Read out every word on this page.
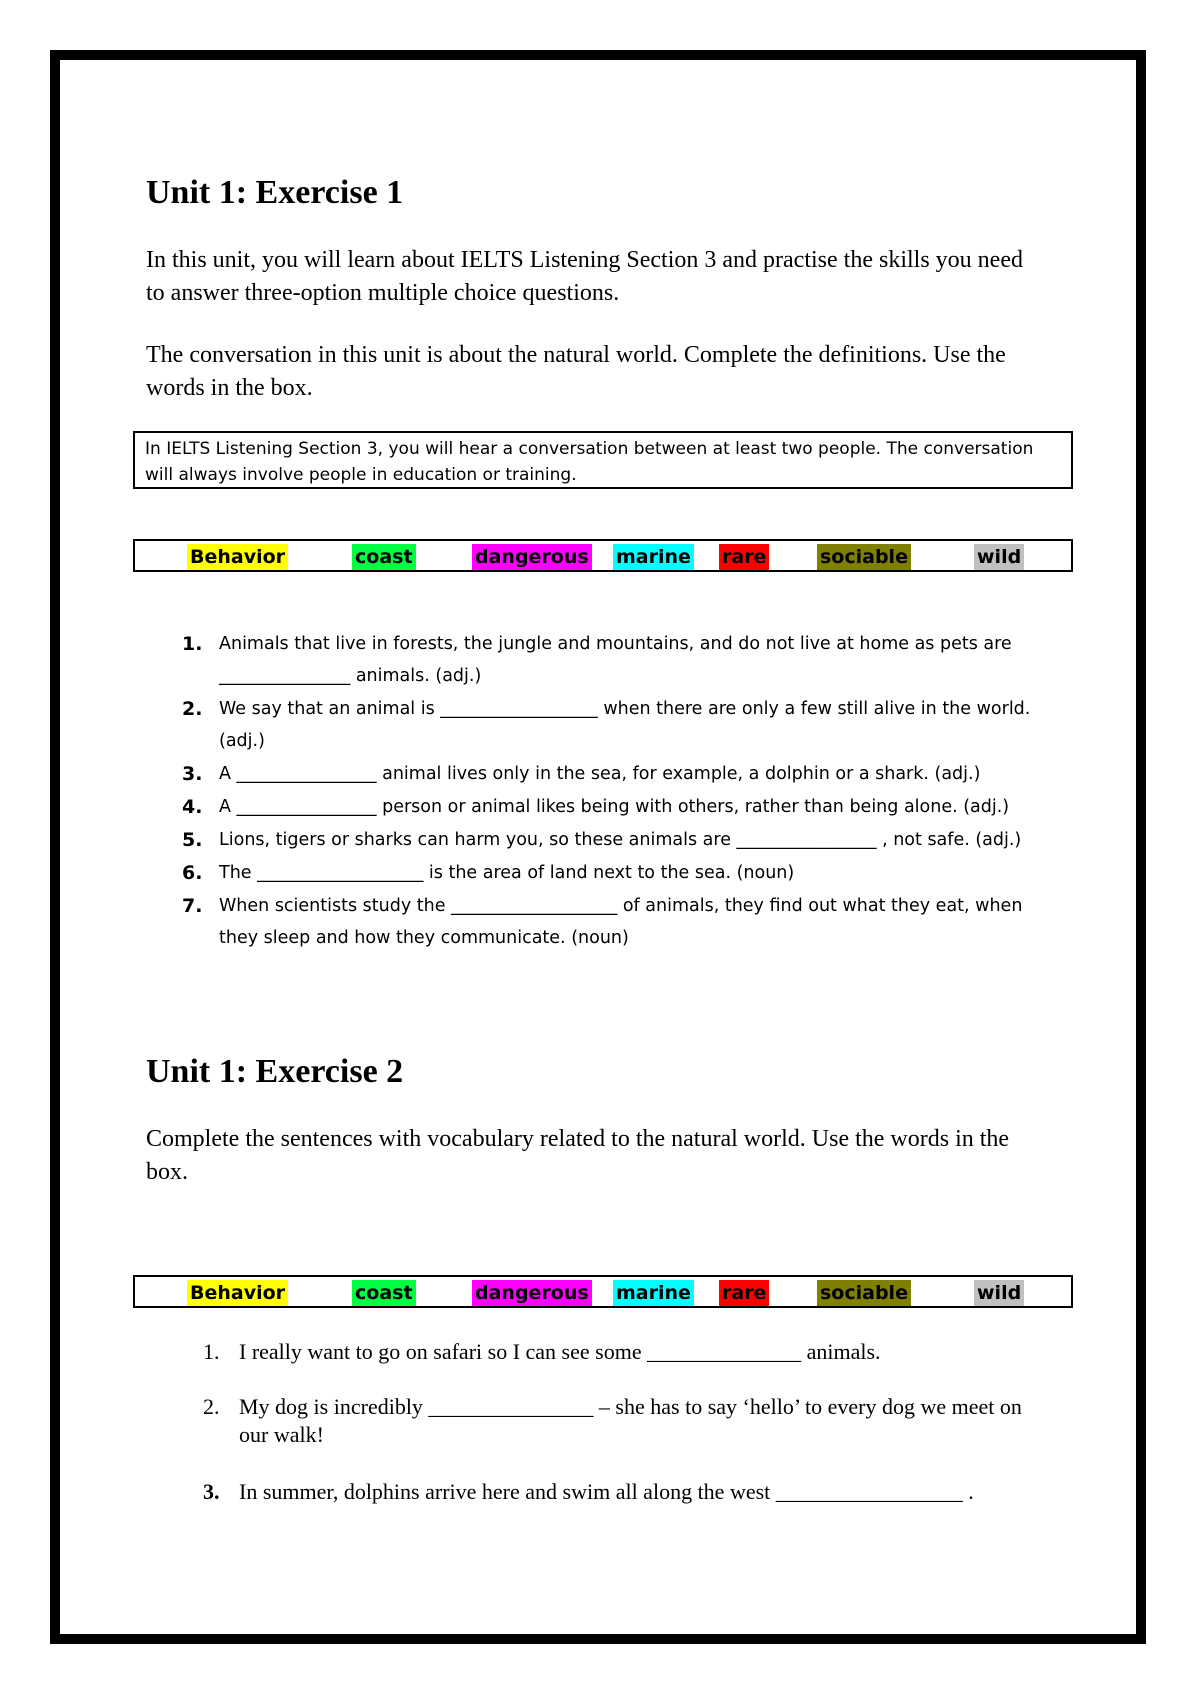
Unit 1: Exercise 1

In this unit, you will learn about IELTS Listening Section 3 and practise the skills you need to answer three-option multiple choice questions.

The conversation in this unit is about the natural world. Complete the definitions. Use the words in the box.

In IELTS Listening Section 3, you will hear a conversation between at least two people. The conversation will always involve people in education or training.
Behavior	coast	dangerous marine rare	sociable	wild
1. Animals that live in forests, the jungle and mountains, and do not live at home as pets are _______________ animals. (adj.)
2. We say that an animal is __________________ when there are only a few still alive in the world. (adj.)
3. A ________________ animal lives only in the sea, for example, a dolphin or a shark. (adj.)
4. A ________________ person or animal likes being with others, rather than being alone. (adj.)
5. Lions, tigers or sharks can harm you, so these animals are ________________ , not safe. (adj.)
6. The ___________________ is the area of land next to the sea. (noun)
7. When scientists study the ___________________ of animals, they find out what they eat, when they sleep and how they communicate. (noun)
Unit 1: Exercise 2

Complete the sentences with vocabulary related to the natural world. Use the words in the box.

Behavior	coast	dangerous marine rare	sociable	wild
1. I really want to go on safari so I can see some ______________ animals.
2. My dog is incredibly _______________ – she has to say ‘hello’ to every dog we meet on our walk!
3. In summer, dolphins arrive here and swim all along the west _________________ .
